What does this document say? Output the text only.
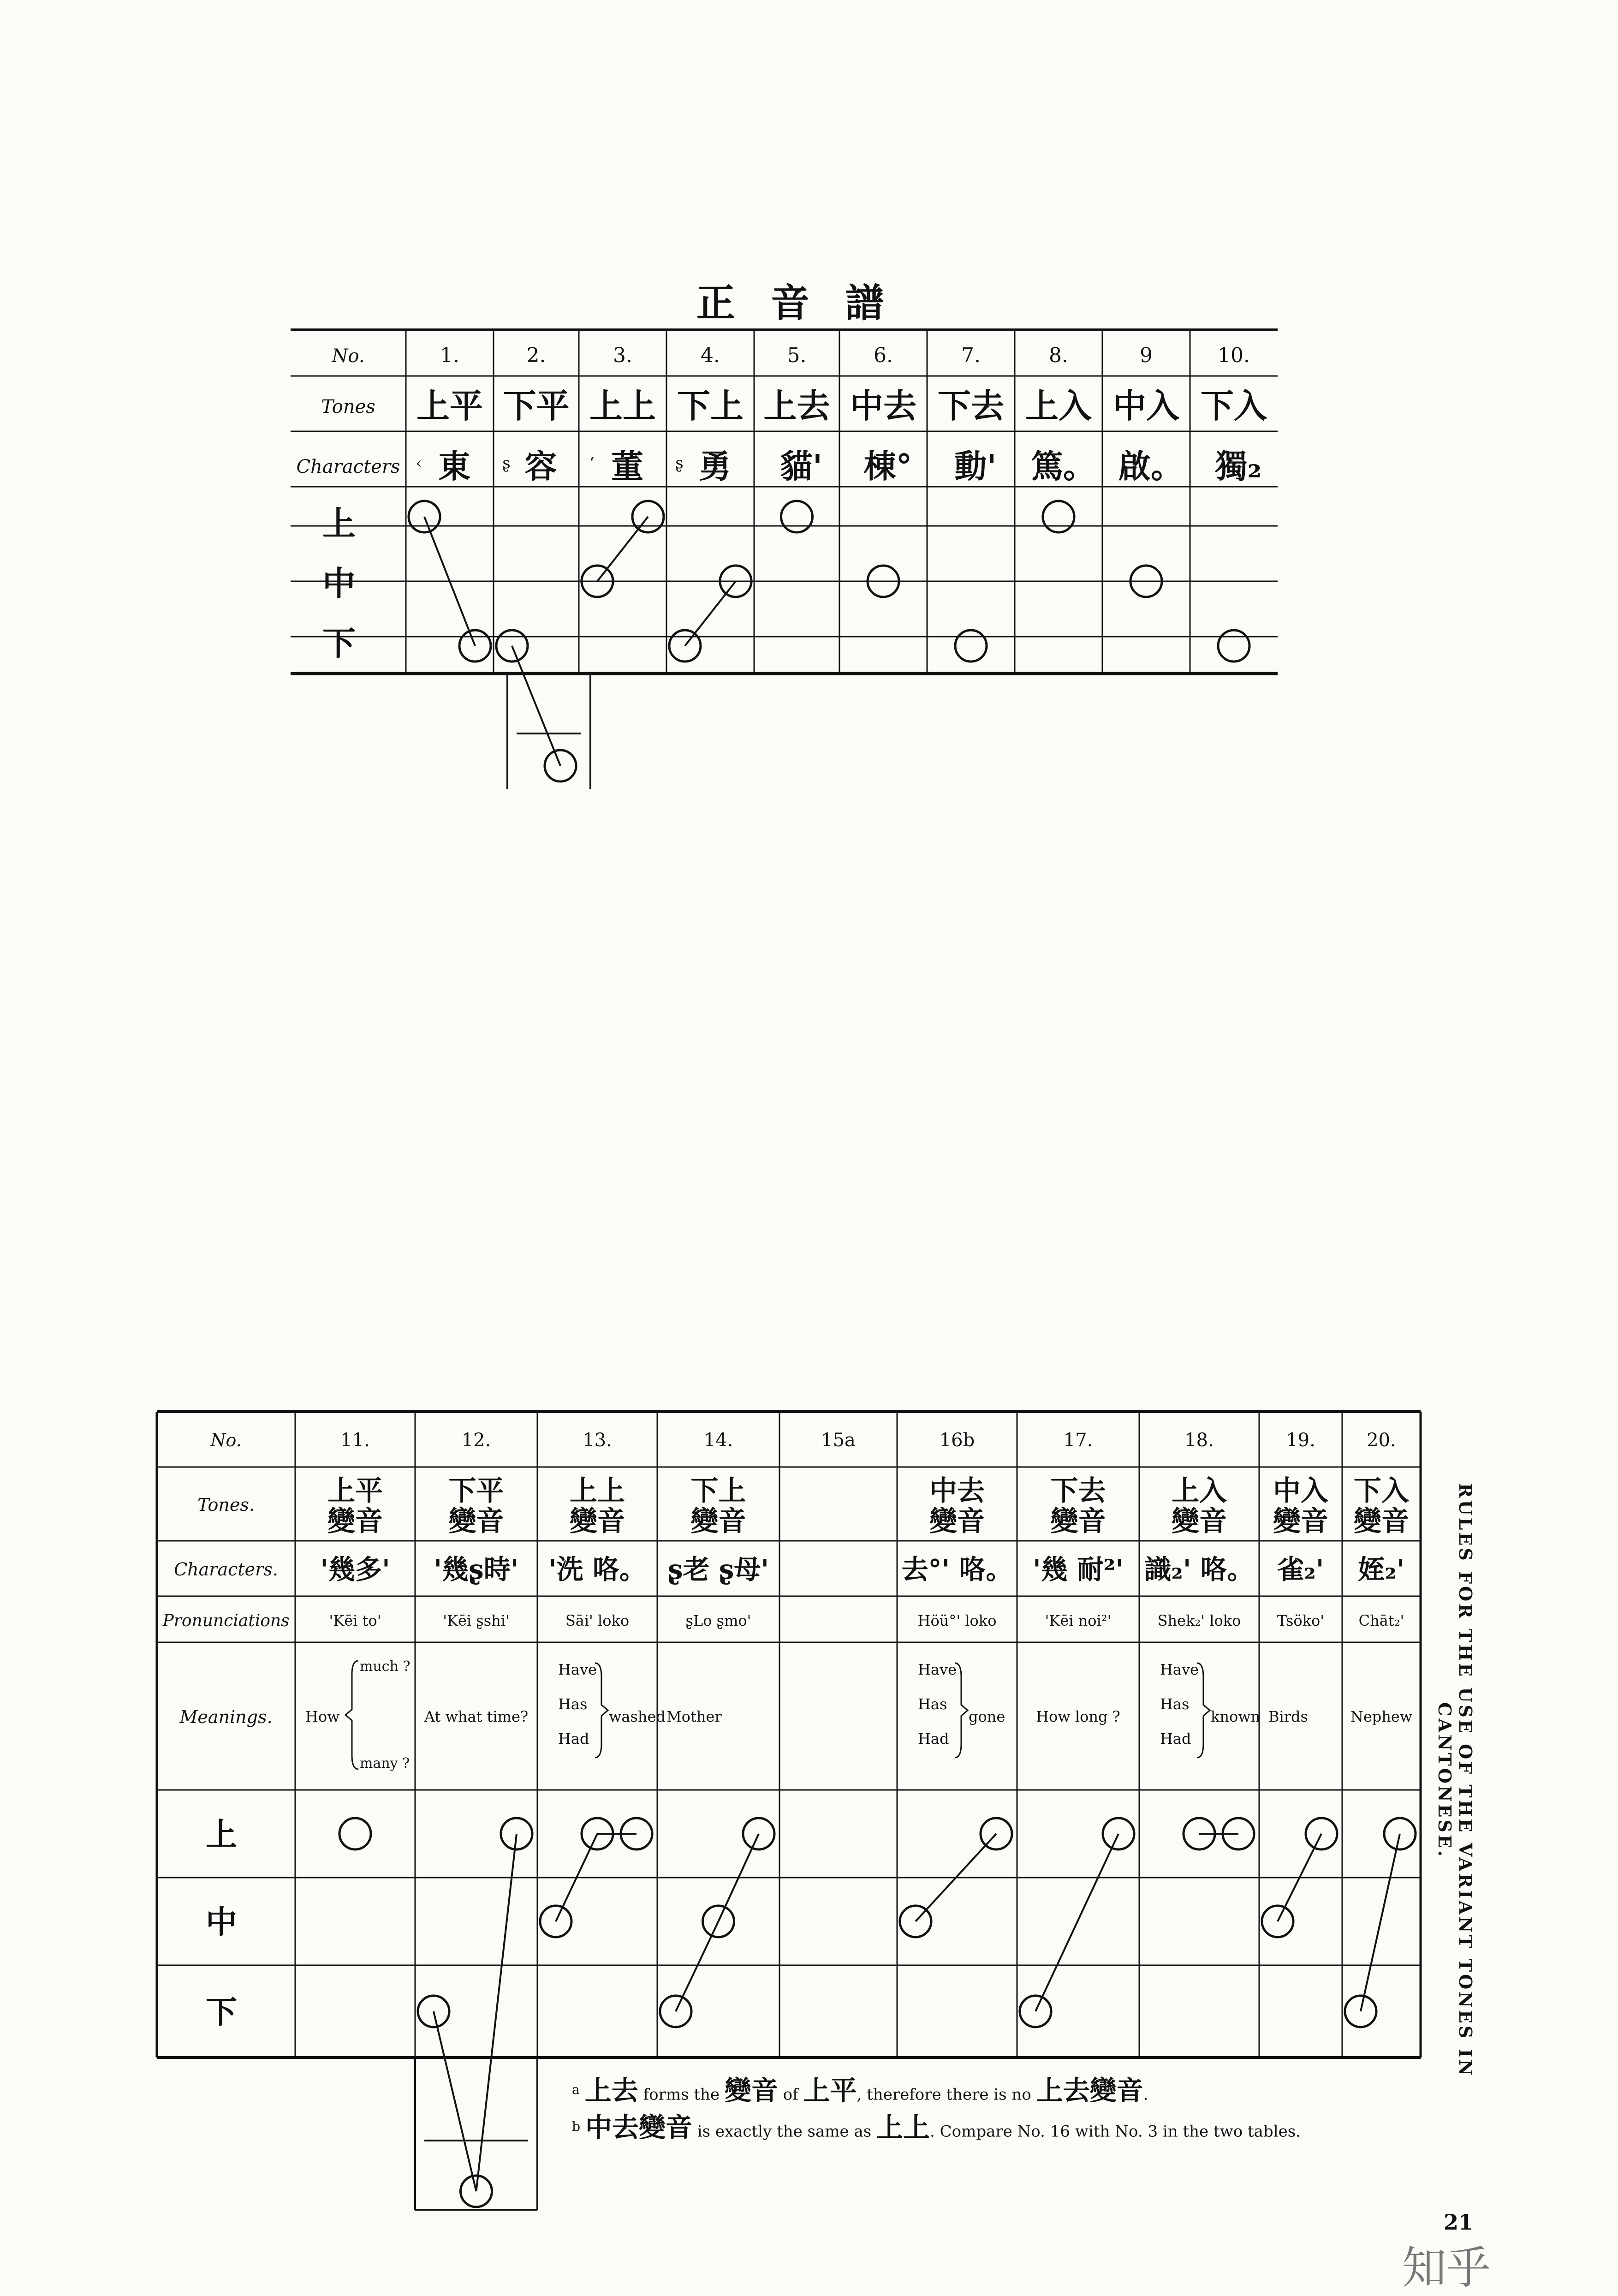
正 音 譜
No.
Tones
Characters
上
中
下
1.
上平
東
‹
2.
下平
容
ʂ
3.
上上
董
ʻ
4.
下上
勇
ʂ
5.
上去
貓'
6.
中去
棟°
7.
下去
動'
8.
上入
篤。
9
中入
啟。
10.
下入
獨₂
No.
Tones.
Characters.
Pronunciations
Meanings.
上
中
下
11.
上平
變音
'幾多'
'Kēi to'
How
much ?
many ?
12.
下平
變音
'幾ʂ時'
'Kēi ʂshi'
At what time?
13.
上上
變音
'洗 咯。
Sāi' loko
Have
Has
Had
washed
14.
下上
變音
ʂ老 ʂ母'
ʂLo ʂmo'
Mother
15a	16b
中去
變音
去°' 咯。
Höü°' loko
Have
Has
Had
gone
17.
下去
變音
'幾 耐²'
'Kēi noi²'
How long ?
18.
上入
變音
識₂' 咯。
Shek₂' loko
Have
Has
Had
known
19.
中入
變音
雀₂'
Tsöko'
Birds
20.
下入
變音
姪₂'
Chāt₂'
Nephew	RULES FOR THE USE OF THE VARIANT TONES IN CANTONESE.
21
知乎
$^a$ 上去 forms the 變音 of 上平, therefore there is no 上去變音.
$^b$ 中去變音 is exactly the same as 上上. Compare No. 16 with No. 3 in the two tables.
